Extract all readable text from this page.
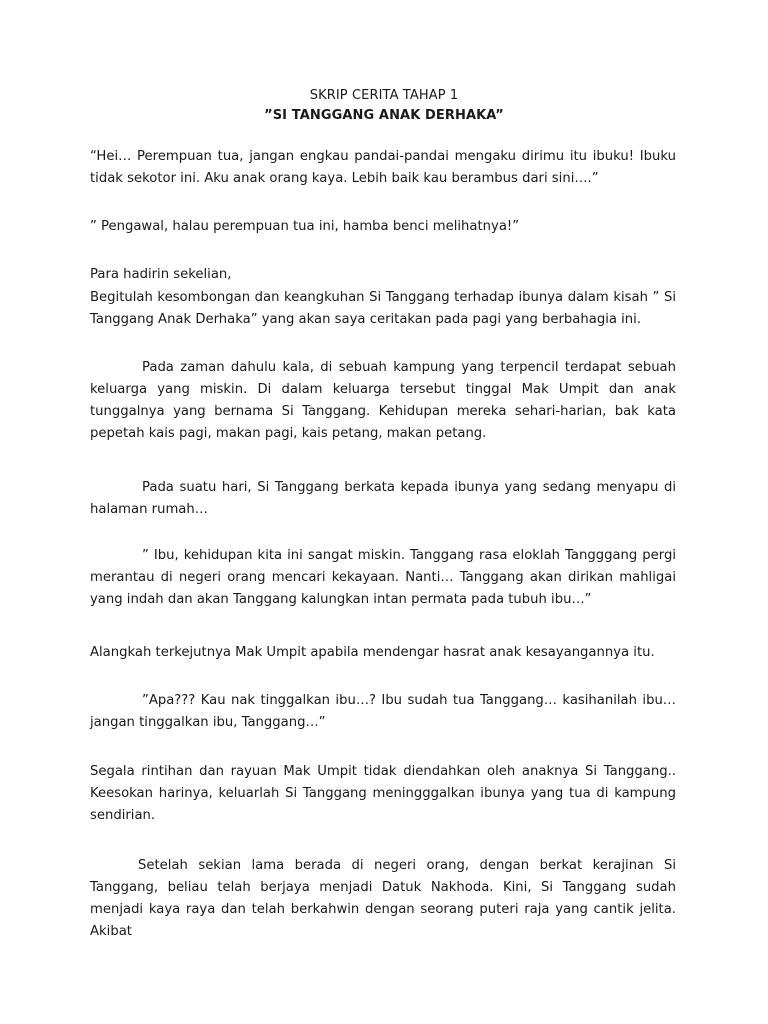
SKRIP CERITA TAHAP 1
”SI TANGGANG ANAK DERHAKA”
“Hei… Perempuan tua, jangan engkau pandai-pandai mengaku dirimu itu ibuku! Ibuku tidak sekotor ini. Aku anak orang kaya. Lebih baik kau berambus dari sini….”
” Pengawal, halau perempuan tua ini, hamba benci melihatnya!”
Para hadirin sekelian,
Begitulah kesombongan dan keangkuhan Si Tanggang terhadap ibunya dalam kisah ” Si Tanggang Anak Derhaka” yang akan saya ceritakan pada pagi yang berbahagia ini.
Pada zaman dahulu kala, di sebuah kampung yang terpencil terdapat sebuah keluarga yang miskin. Di dalam keluarga tersebut tinggal Mak Umpit dan anak tunggalnya yang bernama Si Tanggang. Kehidupan mereka sehari-harian, bak kata pepetah kais pagi, makan pagi, kais petang, makan petang.
Pada suatu hari, Si Tanggang berkata kepada ibunya yang sedang menyapu di halaman rumah…
” Ibu, kehidupan kita ini sangat miskin. Tanggang rasa eloklah Tangggang pergi merantau di negeri orang mencari kekayaan. Nanti… Tanggang akan dirikan mahligai yang indah dan akan Tanggang kalungkan intan permata pada tubuh ibu…”
Alangkah terkejutnya Mak Umpit apabila mendengar hasrat anak kesayangannya itu.
”Apa??? Kau nak tinggalkan ibu…? Ibu sudah tua Tanggang… kasihanilah ibu… jangan tinggalkan ibu, Tanggang…”
Segala rintihan dan rayuan Mak Umpit tidak diendahkan oleh anaknya Si Tanggang.. Keesokan harinya, keluarlah Si Tanggang meningggalkan ibunya yang tua di kampung sendirian.
Setelah sekian lama berada di negeri orang, dengan berkat kerajinan Si Tanggang, beliau telah berjaya menjadi Datuk Nakhoda. Kini, Si Tanggang sudah menjadi kaya raya dan telah berkahwin dengan seorang puteri raja yang cantik jelita. Akibat
